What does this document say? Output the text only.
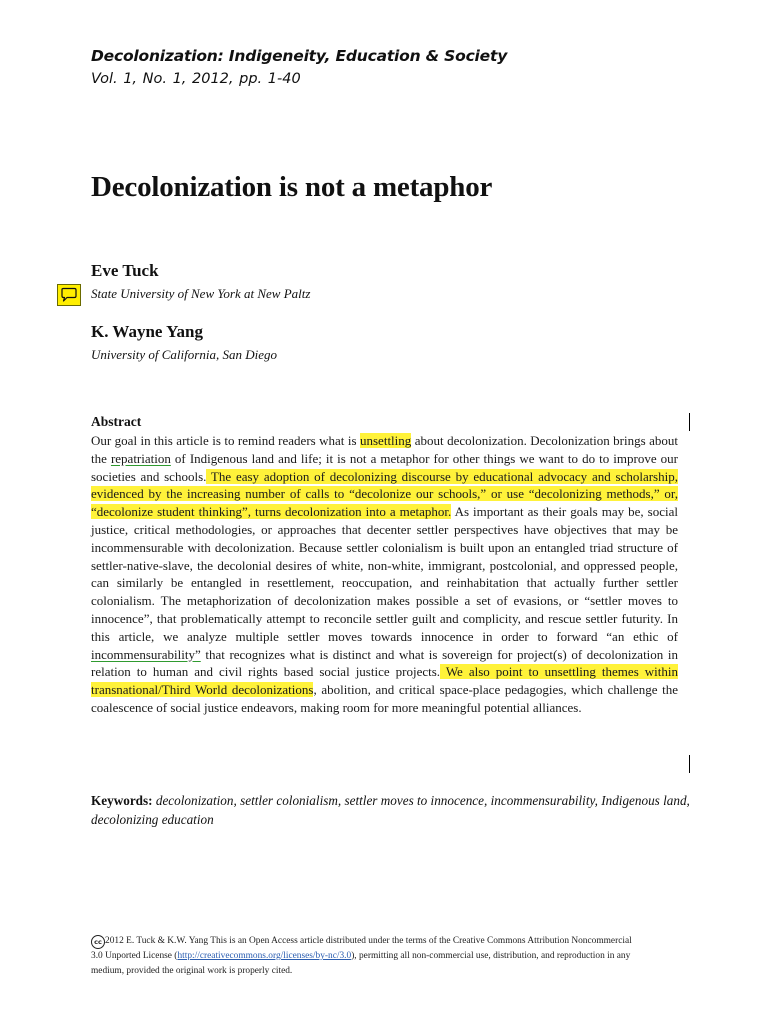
Decolonization: Indigeneity, Education & Society
Vol. 1, No. 1, 2012, pp. 1-40
Decolonization is not a metaphor
Eve Tuck
State University of New York at New Paltz
K. Wayne Yang
University of California, San Diego
Abstract

Our goal in this article is to remind readers what is unsettling about decolonization. Decolonization brings about the repatriation of Indigenous land and life; it is not a metaphor for other things we want to do to improve our societies and schools. The easy adoption of decolonizing discourse by educational advocacy and scholarship, evidenced by the increasing number of calls to “decolonize our schools,” or use “decolonizing methods,” or, “decolonize student thinking”, turns decolonization into a metaphor. As important as their goals may be, social justice, critical methodologies, or approaches that decenter settler perspectives have objectives that may be incommensurable with decolonization. Because settler colonialism is built upon an entangled triad structure of settler-native-slave, the decolonial desires of white, non-white, immigrant, postcolonial, and oppressed people, can similarly be entangled in resettlement, reoccupation, and reinhabitation that actually further settler colonialism. The metaphorization of decolonization makes possible a set of evasions, or “settler moves to innocence”, that problematically attempt to reconcile settler guilt and complicity, and rescue settler futurity. In this article, we analyze multiple settler moves towards innocence in order to forward “an ethic of incommensurability” that recognizes what is distinct and what is sovereign for project(s) of decolonization in relation to human and civil rights based social justice projects. We also point to unsettling themes within transnational/Third World decolonizations, abolition, and critical space-place pedagogies, which challenge the coalescence of social justice endeavors, making room for more meaningful potential alliances.

Keywords: decolonization, settler colonialism, settler moves to innocence, incommensurability, Indigenous land, decolonizing education

cc 2012 E. Tuck & K.W. Yang This is an Open Access article distributed under the terms of the Creative Commons Attribution Noncommercial 3.0 Unported License (http://creativecommons.org/licenses/by-nc/3.0), permitting all non-commercial use, distribution, and reproduction in any medium, provided the original work is properly cited.
